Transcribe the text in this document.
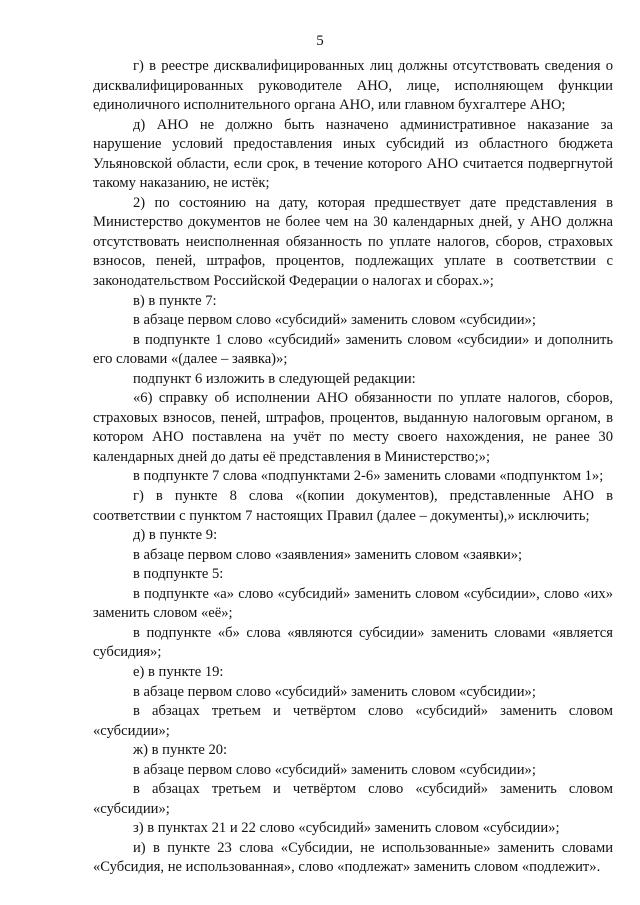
5

г) в реестре дисквалифицированных лиц должны отсутствовать сведения о дисквалифицированных руководителе АНО, лице, исполняющем функции единоличного исполнительного органа АНО, или главном бухгалтере АНО;

д) АНО не должно быть назначено административное наказание за нарушение условий предоставления иных субсидий из областного бюджета Ульяновской области, если срок, в течение которого АНО считается подвергнутой такому наказанию, не истёк;

2) по состоянию на дату, которая предшествует дате представления в Министерство документов не более чем на 30 календарных дней, у АНО должна отсутствовать неисполненная обязанность по уплате налогов, сборов, страховых взносов, пеней, штрафов, процентов, подлежащих уплате в соответствии с законодательством Российской Федерации о налогах и сборах.»;

в) в пункте 7:

в абзаце первом слово «субсидий» заменить словом «субсидии»;

в подпункте 1 слово «субсидий» заменить словом «субсидии» и дополнить его словами «(далее – заявка)»;

подпункт 6 изложить в следующей редакции:

«6) справку об исполнении АНО обязанности по уплате налогов, сборов, страховых взносов, пеней, штрафов, процентов, выданную налоговым органом, в котором АНО поставлена на учёт по месту своего нахождения, не ранее 30 календарных дней до даты её представления в Министерство;»;

в подпункте 7 слова «подпунктами 2-6» заменить словами «подпунктом 1»;

г) в пункте 8 слова «(копии документов), представленные АНО в соответствии с пунктом 7 настоящих Правил (далее – документы),» исключить;

д) в пункте 9:

в абзаце первом слово «заявления» заменить словом «заявки»;

в подпункте 5:

в подпункте «а» слово «субсидий» заменить словом «субсидии», слово «их» заменить словом «её»;

в подпункте «б» слова «являются субсидии» заменить словами «является субсидия»;

е) в пункте 19:

в абзаце первом слово «субсидий» заменить словом «субсидии»;

в абзацах третьем и четвёртом слово «субсидий» заменить словом «субсидии»;

ж) в пункте 20:

в абзаце первом слово «субсидий» заменить словом «субсидии»;

в абзацах третьем и четвёртом слово «субсидий» заменить словом «субсидии»;

з) в пунктах 21 и 22 слово «субсидий» заменить словом «субсидии»;

и) в пункте 23 слова «Субсидии, не использованные» заменить словами «Субсидия, не использованная», слово «подлежат» заменить словом «подлежит».
